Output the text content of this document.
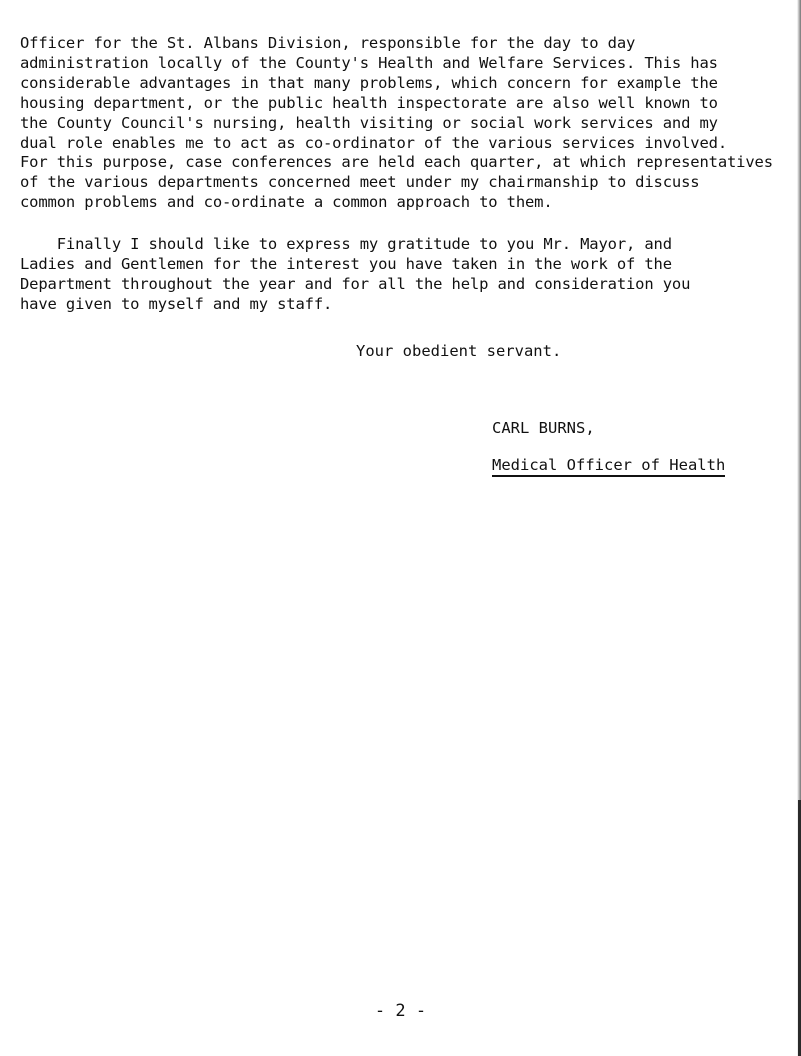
Officer for the St. Albans Division, responsible for the day to day
administration locally of the County's Health and Welfare Services. This has
considerable advantages in that many problems, which concern for example the
housing department, or the public health inspectorate are also well known to
the County Council's nursing, health visiting or social work services and my
dual role enables me to act as co-ordinator of the various services involved.
For this purpose, case conferences are held each quarter, at which representatives
of the various departments concerned meet under my chairmanship to discuss
common problems and co-ordinate a common approach to them.

Finally I should like to express my gratitude to you Mr. Mayor, and
Ladies and Gentlemen for the interest you have taken in the work of the
Department throughout the year and for all the help and consideration you
have given to myself and my staff.

Your obedient servant.
CARL BURNS,
Medical Officer of Health
- 2 -
